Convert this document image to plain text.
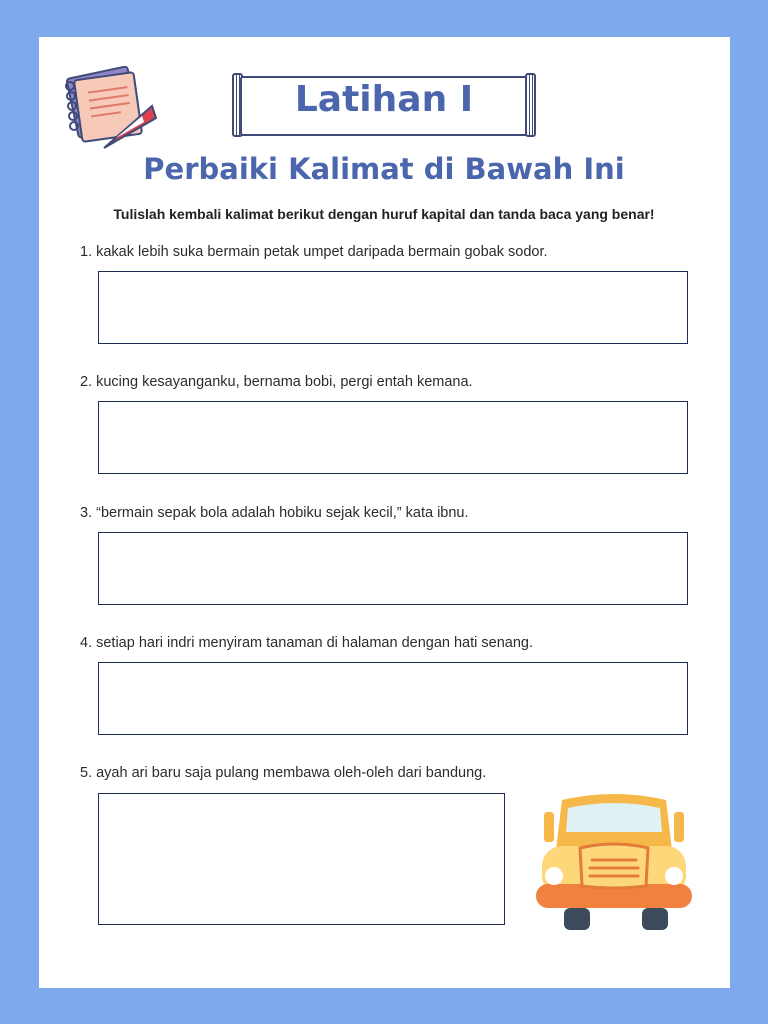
Latihan I
Perbaiki Kalimat di Bawah Ini
Tulislah kembali kalimat berikut dengan huruf kapital dan tanda baca yang benar!
1. kakak lebih suka bermain petak umpet daripada bermain gobak sodor.
2. kucing kesayanganku, bernama bobi, pergi entah kemana.
3. “bermain sepak bola adalah hobiku sejak kecil,” kata ibnu.
4. setiap hari indri menyiram tanaman di halaman dengan hati senang.
5. ayah ari baru saja pulang membawa oleh-oleh dari bandung.
